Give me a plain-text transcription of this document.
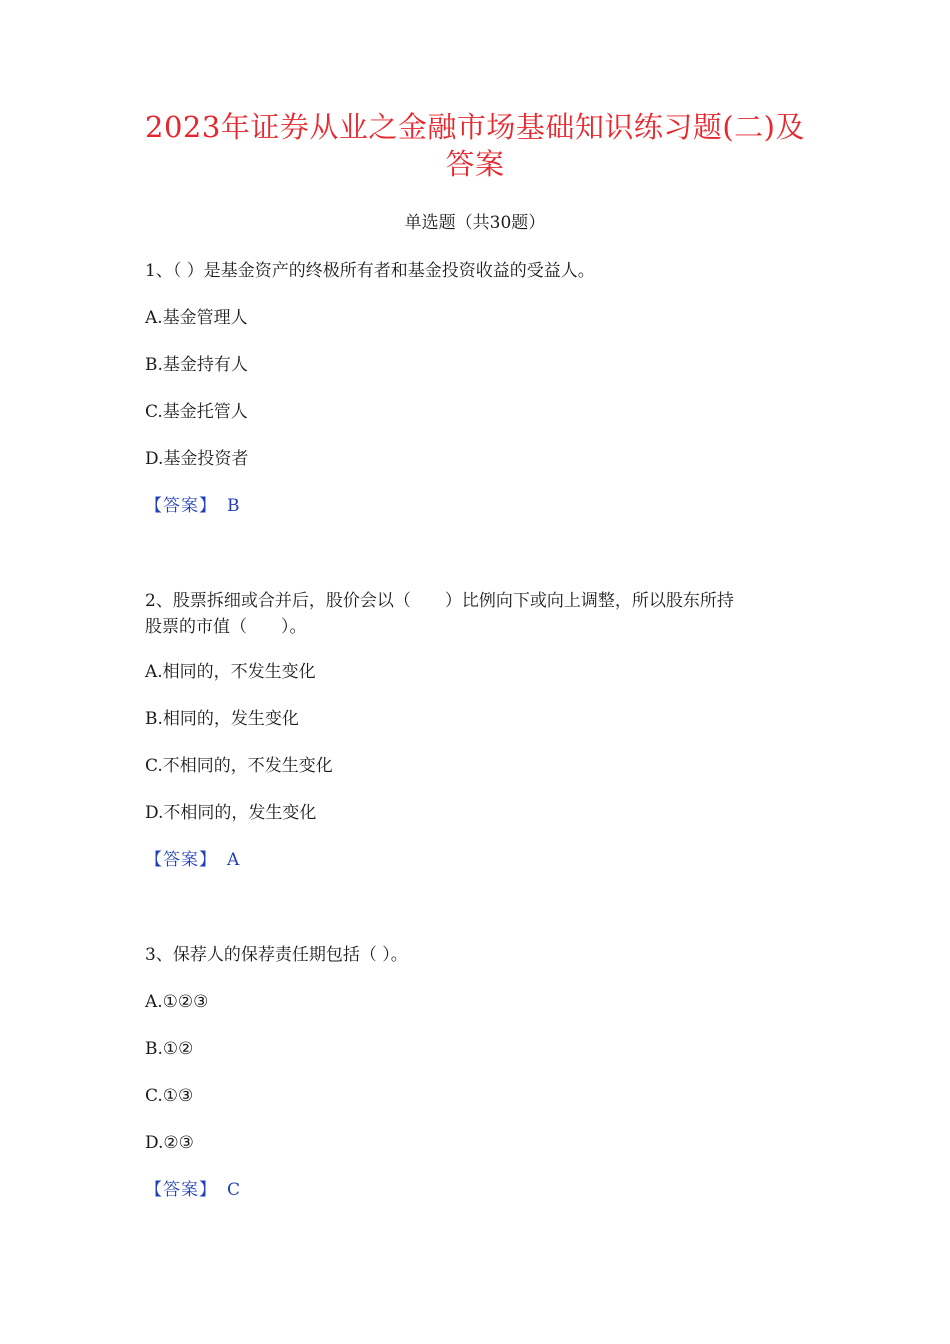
2023年证券从业之金融市场基础知识练习题(二)及
答案
单选题（共30题）
1、（ ）是基金资产的终极所有者和基金投资收益的受益人。
A.基金管理人
B.基金持有人
C.基金托管人
D.基金投资者
【答案】 B
2、股票拆细或合并后，股价会以（　　）比例向下或向上调整，所以股东所持
股票的市值（　　）。
A.相同的，不发生变化
B.相同的，发生变化
C.不相同的，不发生变化
D.不相同的，发生变化
【答案】 A
3、保荐人的保荐责任期包括（ ）。
A.①②③
B.①②
C.①③
D.②③
【答案】 C
